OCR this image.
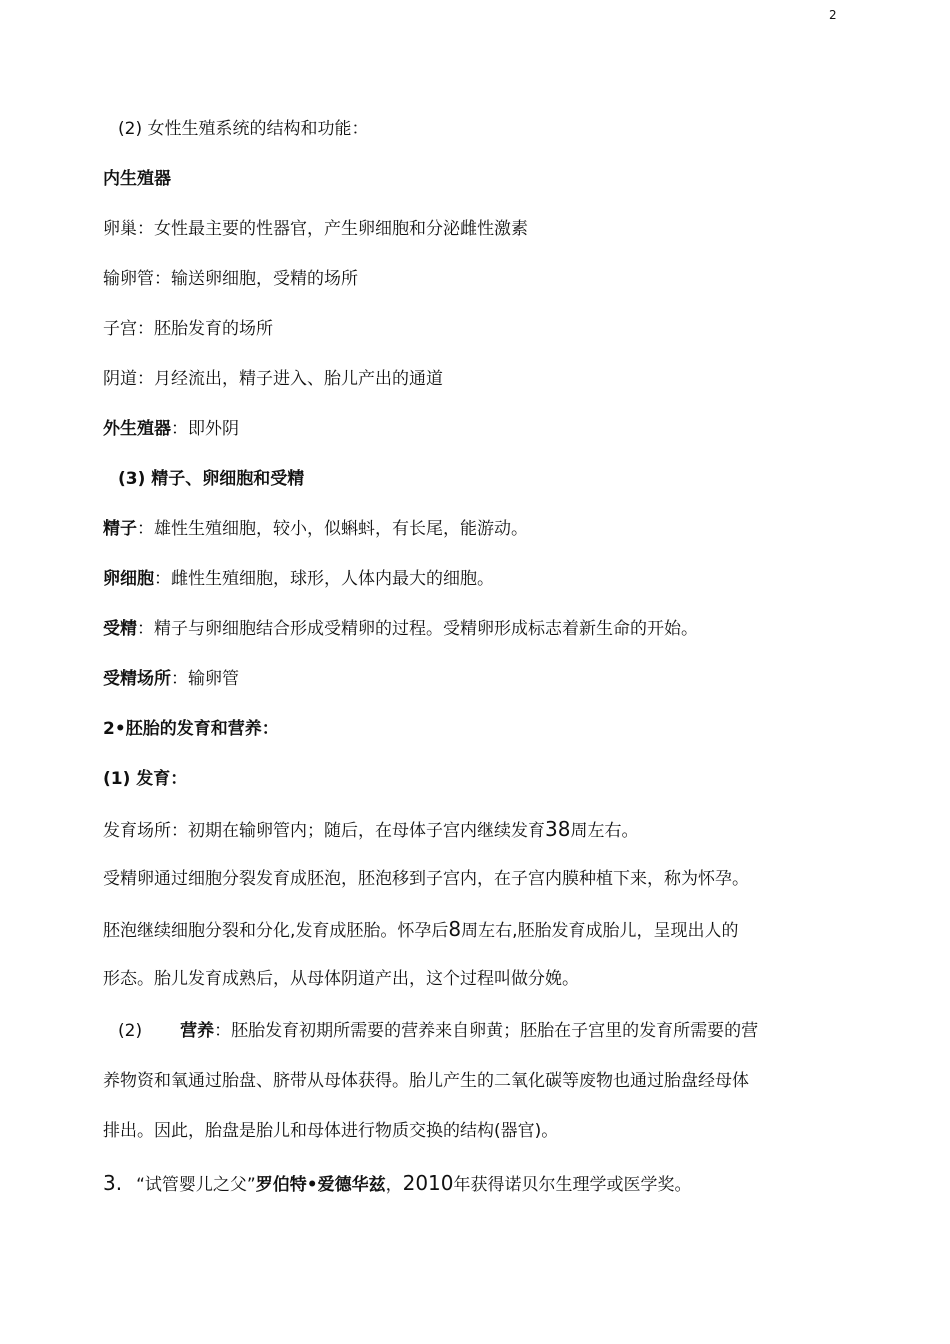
2
(2) 女性生殖系统的结构和功能：
内生殖器
卵巢：女性最主要的性器官，产生卵细胞和分泌雌性激素
输卵管：输送卵细胞，受精的场所
子宫：胚胎发育的场所
阴道：月经流出，精子进入、胎儿产出的通道
外生殖器：即外阴
(3) 精子、卵细胞和受精
精子：雄性生殖细胞，较小，似蝌蚪，有长尾，能游动。
卵细胞：雌性生殖细胞，球形，人体内最大的细胞。
受精：精子与卵细胞结合形成受精卵的过程。受精卵形成标志着新生命的开始。
受精场所：输卵管
2•胚胎的发育和营养：
(1) 发育：
发育场所：初期在输卵管内；随后，在母体子宫内继续发育38周左右。
受精卵通过细胞分裂发育成胚泡，胚泡移到子宫内，在子宫内膜种植下来，称为怀孕。
胚泡继续细胞分裂和分化,发育成胚胎。怀孕后8周左右,胚胎发育成胎儿，呈现出人的
形态。胎儿发育成熟后，从母体阴道产出，这个过程叫做分娩。
(2) 营养：胚胎发育初期所需要的营养来自卵黄；胚胎在子宫里的发育所需要的营
养物资和氧通过胎盘、脐带从母体获得。胎儿产生的二氧化碳等废物也通过胎盘经母体
排出。因此，胎盘是胎儿和母体进行物质交换的结构(器官)。
3. “试管婴儿之父”罗伯特•爱德华兹，2010年获得诺贝尔生理学或医学奖。
